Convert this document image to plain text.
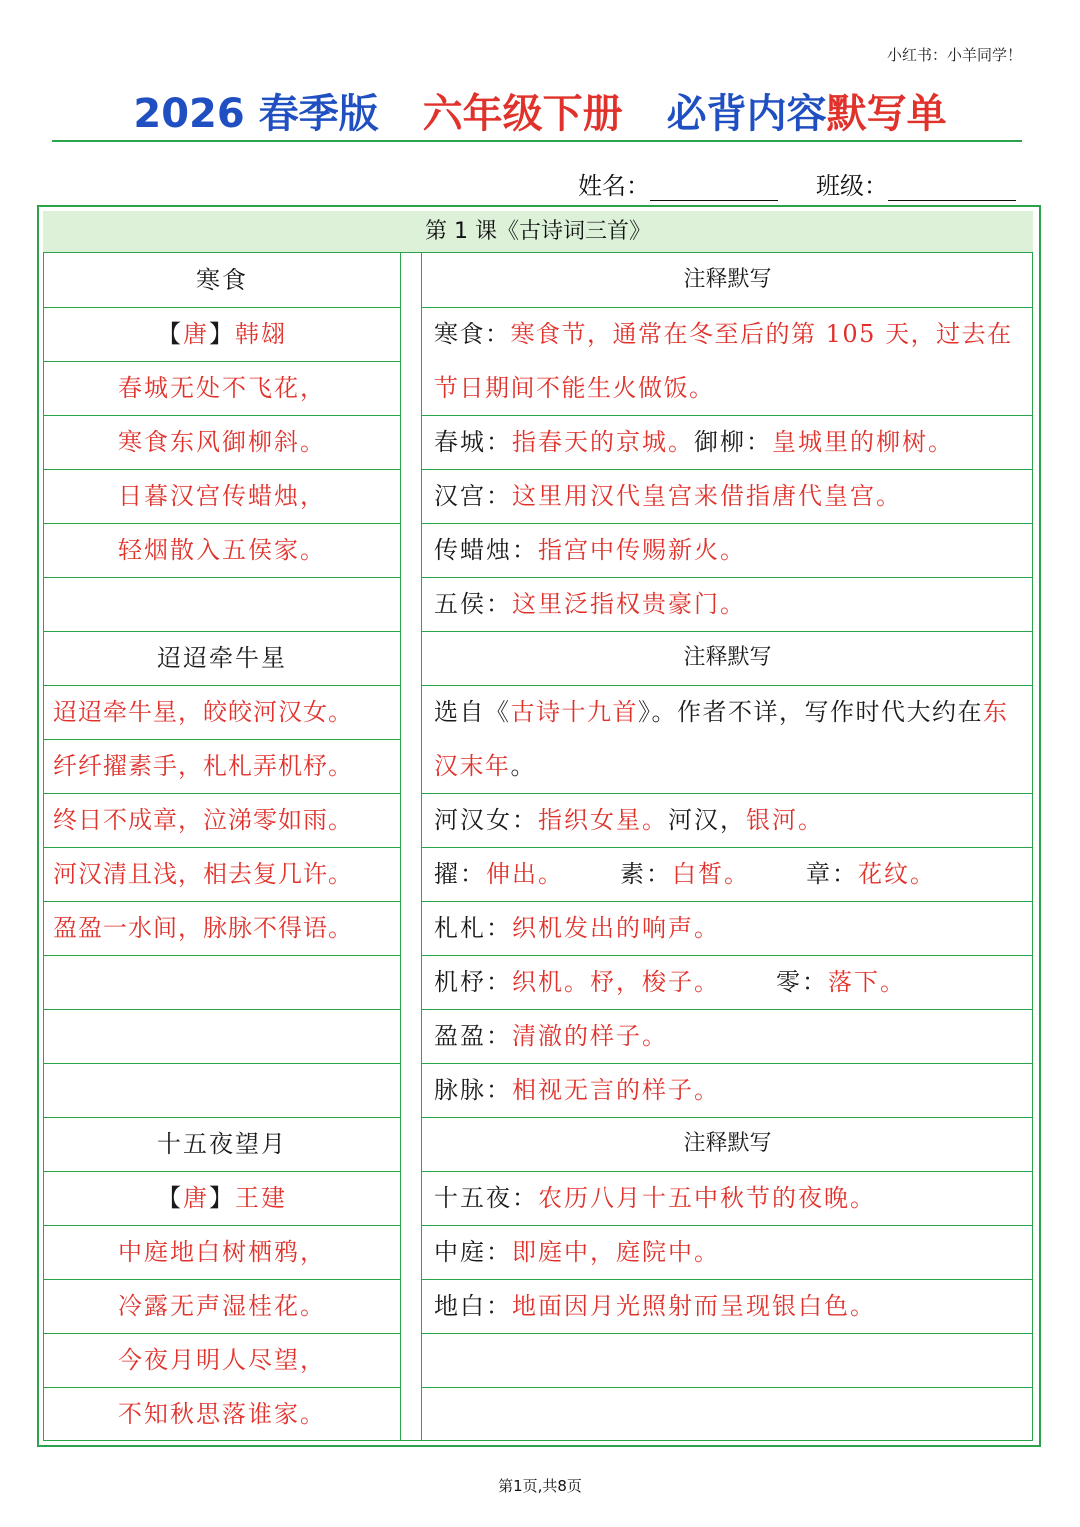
小红书：小羊同学！
2026 春季版 六年级下册 必背内容默写单
姓名：	班级：
第 1 课《古诗词三首》
寒食
【唐】韩翃
春城无处不飞花，
寒食东风御柳斜。
日暮汉宫传蜡烛，
轻烟散入五侯家。
注释默写
寒食：寒食节，通常在冬至后的第 105 天，过去在节日期间不能生火做饭。
春城：指春天的京城。御柳：皇城里的柳树。
汉宫：这里用汉代皇宫来借指唐代皇宫。
传蜡烛：指宫中传赐新火。
五侯：这里泛指权贵豪门。
迢迢牵牛星
迢迢牵牛星，皎皎河汉女。
纤纤擢素手，札札弄机杼。
终日不成章，泣涕零如雨。
河汉清且浅，相去复几许。
盈盈一水间，脉脉不得语。
注释默写
选自《古诗十九首》。作者不详，写作时代大约在东汉末年。
河汉女：指织女星。河汉，银河。
擢：伸出。 素：白皙。 章：花纹。
札札：织机发出的响声。
机杼：织机。杼，梭子。 零：落下。
盈盈：清澈的样子。
脉脉：相视无言的样子。
十五夜望月
【唐】王建
中庭地白树栖鸦，
冷露无声湿桂花。
今夜月明人尽望，
不知秋思落谁家。
注释默写
十五夜：农历八月十五中秋节的夜晚。
中庭：即庭中，庭院中。
地白：地面因月光照射而呈现银白色。
第1页,共8页
